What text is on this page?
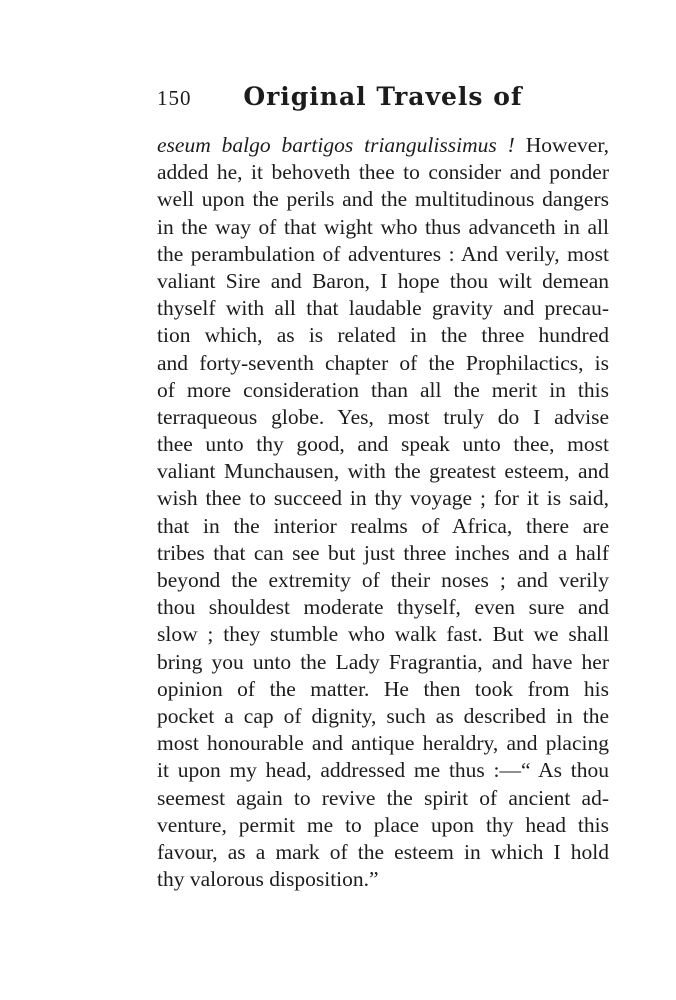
150	Original Travels of
eseum balgo bartigos triangulissimus ! However,
added he, it behoveth thee to consider and ponder
well upon the perils and the multitudinous dangers
in the way of that wight who thus advanceth in all
the perambulation of adventures : And verily, most
valiant Sire and Baron, I hope thou wilt demean
thyself with all that laudable gravity and precau-
tion which, as is related in the three hundred
and forty-seventh chapter of the Prophilactics, is
of more consideration than all the merit in this
terraqueous globe. Yes, most truly do I advise
thee unto thy good, and speak unto thee, most
valiant Munchausen, with the greatest esteem, and
wish thee to succeed in thy voyage ; for it is said,
that in the interior realms of Africa, there are
tribes that can see but just three inches and a half
beyond the extremity of their noses ; and verily
thou shouldest moderate thyself, even sure and
slow ; they stumble who walk fast. But we shall
bring you unto the Lady Fragrantia, and have her
opinion of the matter. He then took from his
pocket a cap of dignity, such as described in the
most honourable and antique heraldry, and placing
it upon my head, addressed me thus :—“ As thou
seemest again to revive the spirit of ancient ad-
venture, permit me to place upon thy head this
favour, as a mark of the esteem in which I hold
thy valorous disposition.”
